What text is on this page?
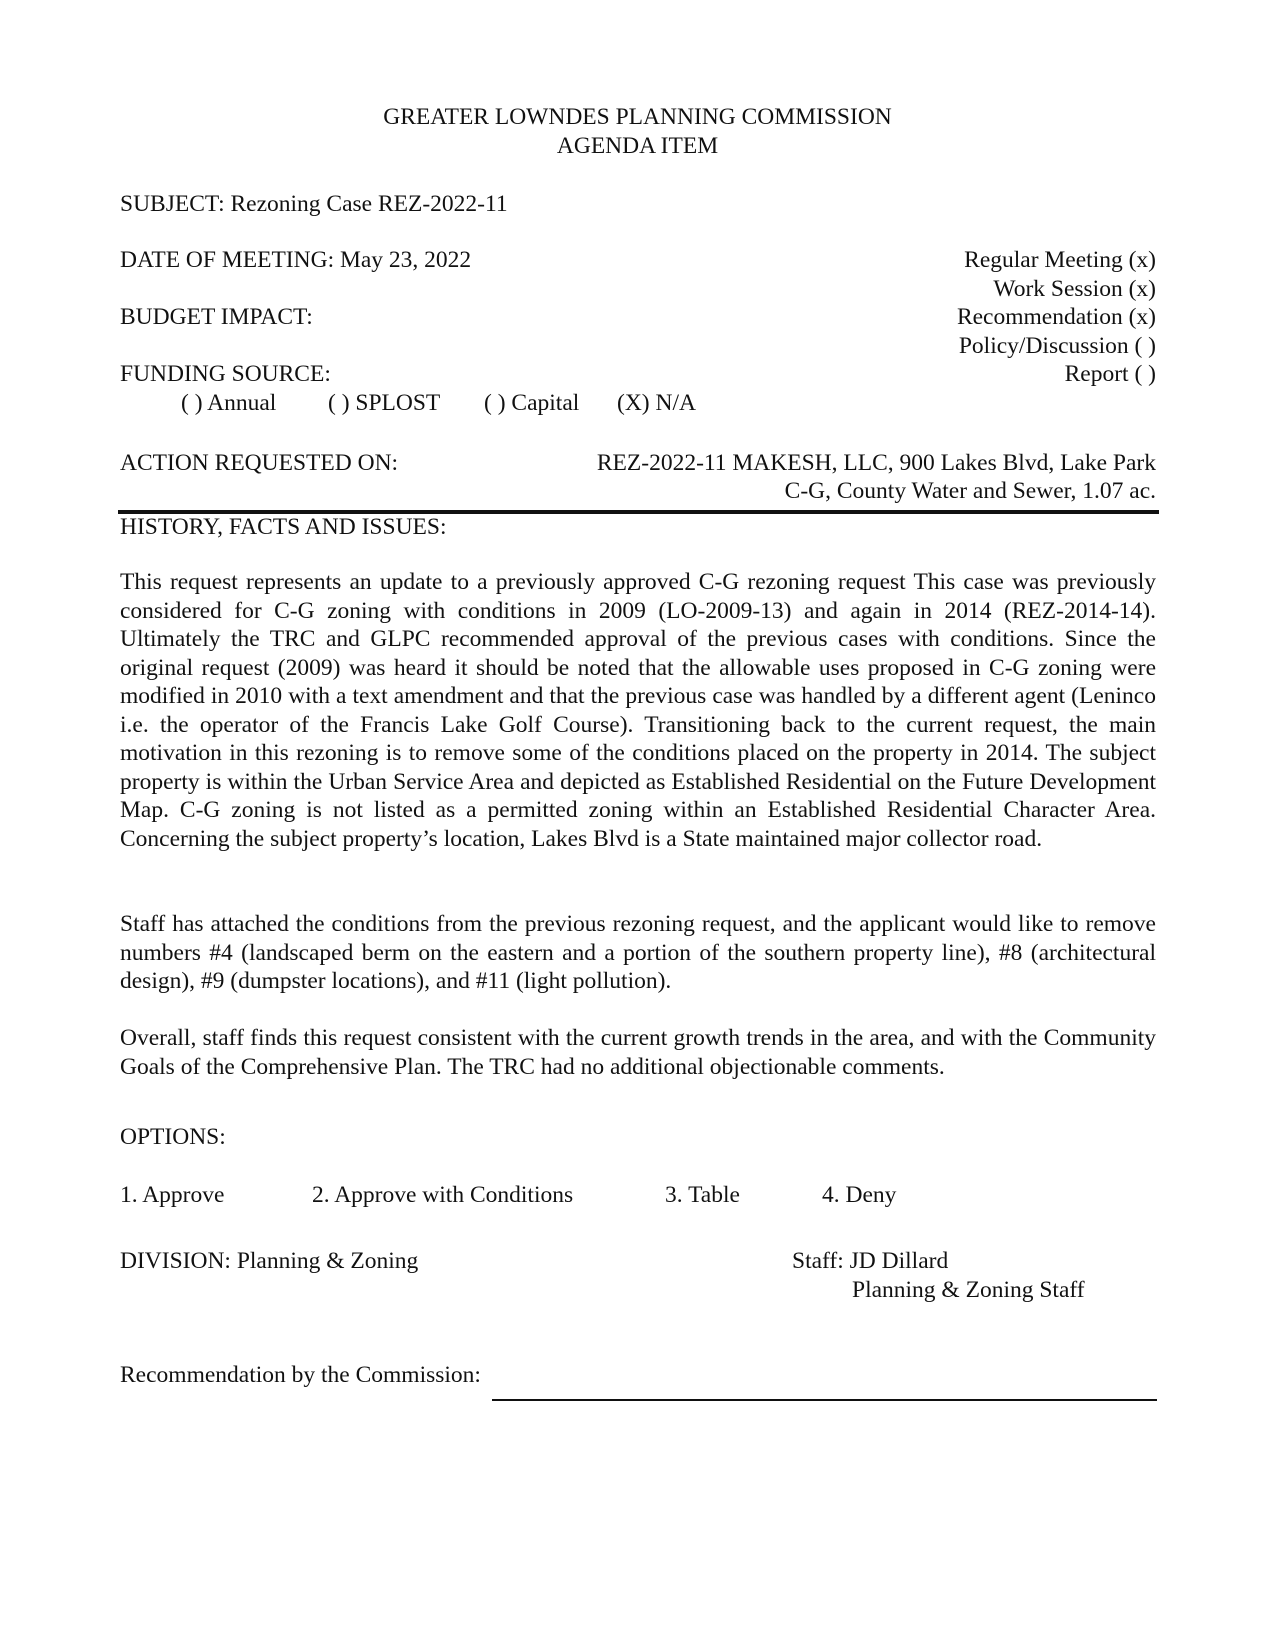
GREATER LOWNDES PLANNING COMMISSION
AGENDA ITEM
SUBJECT: Rezoning Case REZ-2022-11
DATE OF MEETING: May 23, 2022
BUDGET IMPACT:
FUNDING SOURCE:
( ) Annual ( ) SPLOST ( ) Capital (X) N/A
Regular Meeting (x)
Work Session (x)
Recommendation (x)
Policy/Discussion ( )
Report ( )
ACTION REQUESTED ON:	REZ-2022-11 MAKESH, LLC, 900 Lakes Blvd, Lake Park
C-G, County Water and Sewer, 1.07 ac.
HISTORY, FACTS AND ISSUES:
This request represents an update to a previously approved C-G rezoning request This case was previously considered for C-G zoning with conditions in 2009 (LO-2009-13) and again in 2014 (REZ-2014-14). Ultimately the TRC and GLPC recommended approval of the previous cases with conditions. Since the original request (2009) was heard it should be noted that the allowable uses proposed in C-G zoning were modified in 2010 with a text amendment and that the previous case was handled by a different agent (Leninco i.e. the operator of the Francis Lake Golf Course). Transitioning back to the current request, the main motivation in this rezoning is to remove some of the conditions placed on the property in 2014. The subject property is within the Urban Service Area and depicted as Established Residential on the Future Development Map. C-G zoning is not listed as a permitted zoning within an Established Residential Character Area. Concerning the subject property’s location, Lakes Blvd is a State maintained major collector road.
Staff has attached the conditions from the previous rezoning request, and the applicant would like to remove numbers #4 (landscaped berm on the eastern and a portion of the southern property line), #8 (architectural design), #9 (dumpster locations), and #11 (light pollution).
Overall, staff finds this request consistent with the current growth trends in the area, and with the Community Goals of the Comprehensive Plan. The TRC had no additional objectionable comments.
OPTIONS:
1. Approve	2. Approve with Conditions	3. Table	4. Deny
DIVISION: Planning & Zoning	Staff: JD Dillard
Planning & Zoning Staff
Recommendation by the Commission:
